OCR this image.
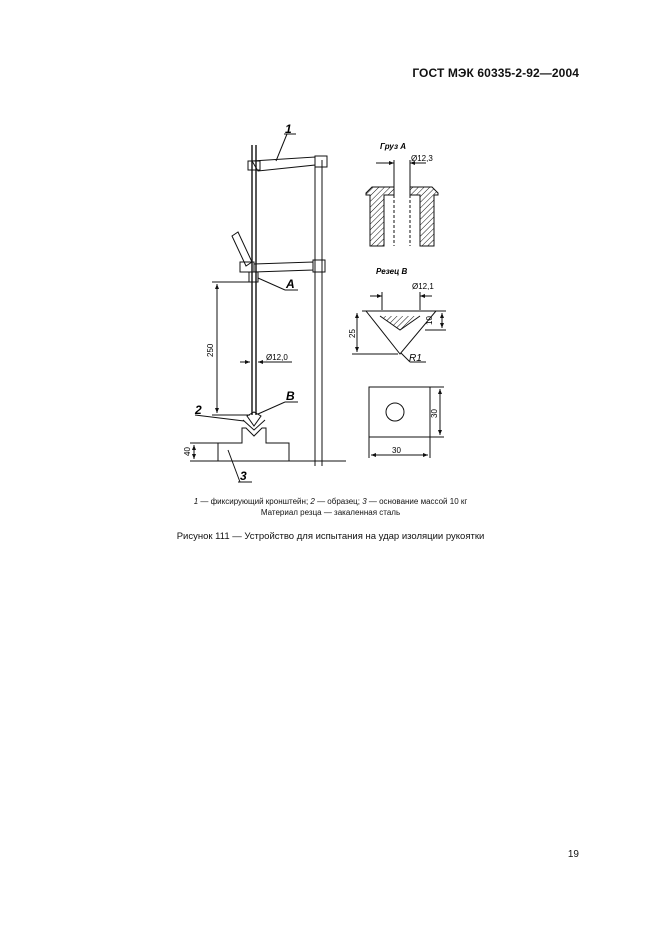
ГОСТ МЭК 60335-2-92—2004
1
A
B
2
3
250
Ø12,0
40
Груз A
Ø12,3
Резец B
Ø12,1
25
10
R1
30
30
1 — фиксирующий кронштейн; 2 — образец; 3 — основание массой 10 кг
Материал резца — закаленная сталь
Рисунок 111 — Устройство для испытания на удар изоляции рукоятки
19
